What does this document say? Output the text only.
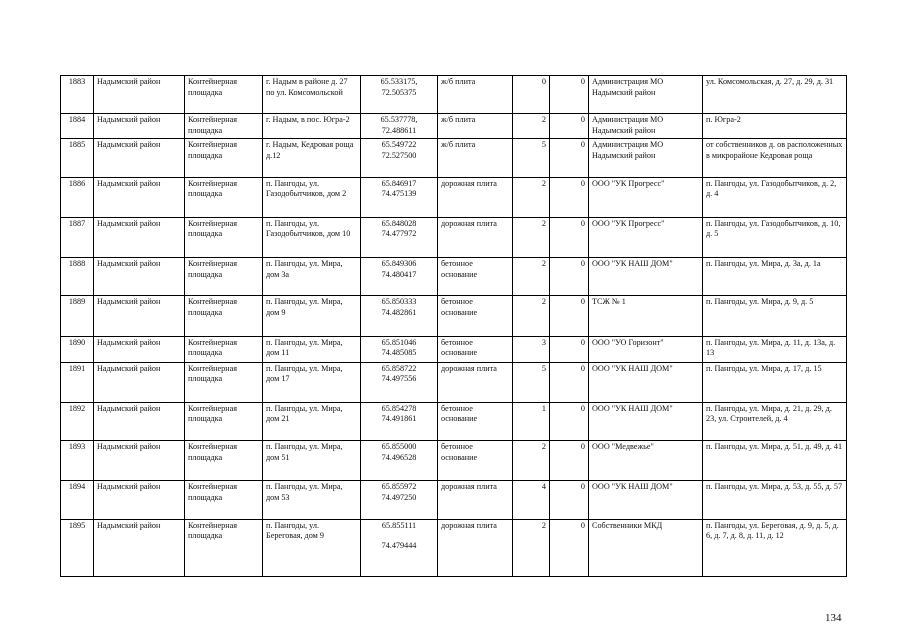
1883	Надымский район	Контейнерная площадка	г. Надым в районе д. 27 по ул. Комсомольской	65.533175,
72.505375	ж/б плита	0	0	Администрация МО Надымский район	ул. Комсомольская, д. 27, д. 29, д. 31
1884	Надымский район	Контейнерная площадка	г. Надым, в пос. Югра-2	65.537778,
72.488611	ж/б плита	2	0	Администрация МО Надымский район	п. Югра-2
1885	Надымский район	Контейнерная площадка	г. Надым, Кедровая роща д.12	65.549722
72.527500	ж/б плита	5	0	Администрация МО Надымский район	от собственников д. ов расположенных в микрорайоне Кедровая роща
1886	Надымский район	Контейнерная площадка	п. Пангоды, ул. Газодобытчиков, дом 2	65.846917
74.475139	дорожная плита	2	0	ООО "УК Прогресс"	п. Пангоды, ул. Газодобытчиков, д. 2, д. 4
1887	Надымский район	Контейнерная площадка	п. Пангоды, ул. Газодобытчиков, дом 10	65.848028
74.477972	дорожная плита	2	0	ООО "УК Прогресс"	п. Пангоды, ул. Газодобытчиков, д. 10, д. 5
1888	Надымский район	Контейнерная площадка	п. Пангоды, ул. Мира, дом 3а	65.849306
74.480417	бетонное основание	2	0	ООО "УК НАШ ДОМ"	п. Пангоды, ул. Мира, д. 3а, д. 1а
1889	Надымский район	Контейнерная площадка	п. Пангоды, ул. Мира, дом 9	65.850333
74.482861	бетонное основание	2	0	ТСЖ № 1	п. Пангоды, ул. Мира, д. 9, д. 5
1890	Надымский район	Контейнерная площадка	п. Пангоды, ул. Мира, дом 11	65.851046
74.485085	бетонное основание	3	0	ООО "УО Горизонт"	п. Пангоды, ул. Мира, д. 11, д. 13а, д. 13
1891	Надымский район	Контейнерная площадка	п. Пангоды, ул. Мира, дом 17	65.858722
74.497556	дорожная плита	5	0	ООО "УК НАШ ДОМ"	п. Пангоды, ул. Мира, д. 17, д. 15
1892	Надымский район	Контейнерная площадка	п. Пангоды, ул. Мира, дом 21	65.854278
74.491861	бетонное основание	1	0	ООО "УК НАШ ДОМ"	п. Пангоды, ул. Мира, д. 21, д. 29, д. 23, ул. Строителей, д. 4
1893	Надымский район	Контейнерная площадка	п. Пангоды, ул. Мира, дом 51	65.855000
74.496528	бетонное основание	2	0	ООО "Медвежье"	п. Пангоды, ул. Мира, д. 51, д. 49, д. 41
1894	Надымский район	Контейнерная площадка	п. Пангоды, ул. Мира, дом 53	65.855972
74.497250	дорожная плита	4	0	ООО "УК НАШ ДОМ"	п. Пангоды, ул. Мира, д. 53, д. 55, д. 57
1895	Надымский район	Контейнерная площадка	п. Пангоды, ул. Береговая, дом 9	65.855111
74.479444	дорожная плита	2	0	Собственники МКД	п. Пангоды, ул. Береговая, д. 9, д. 5, д. 6, д. 7, д. 8, д. 11, д. 12
134
